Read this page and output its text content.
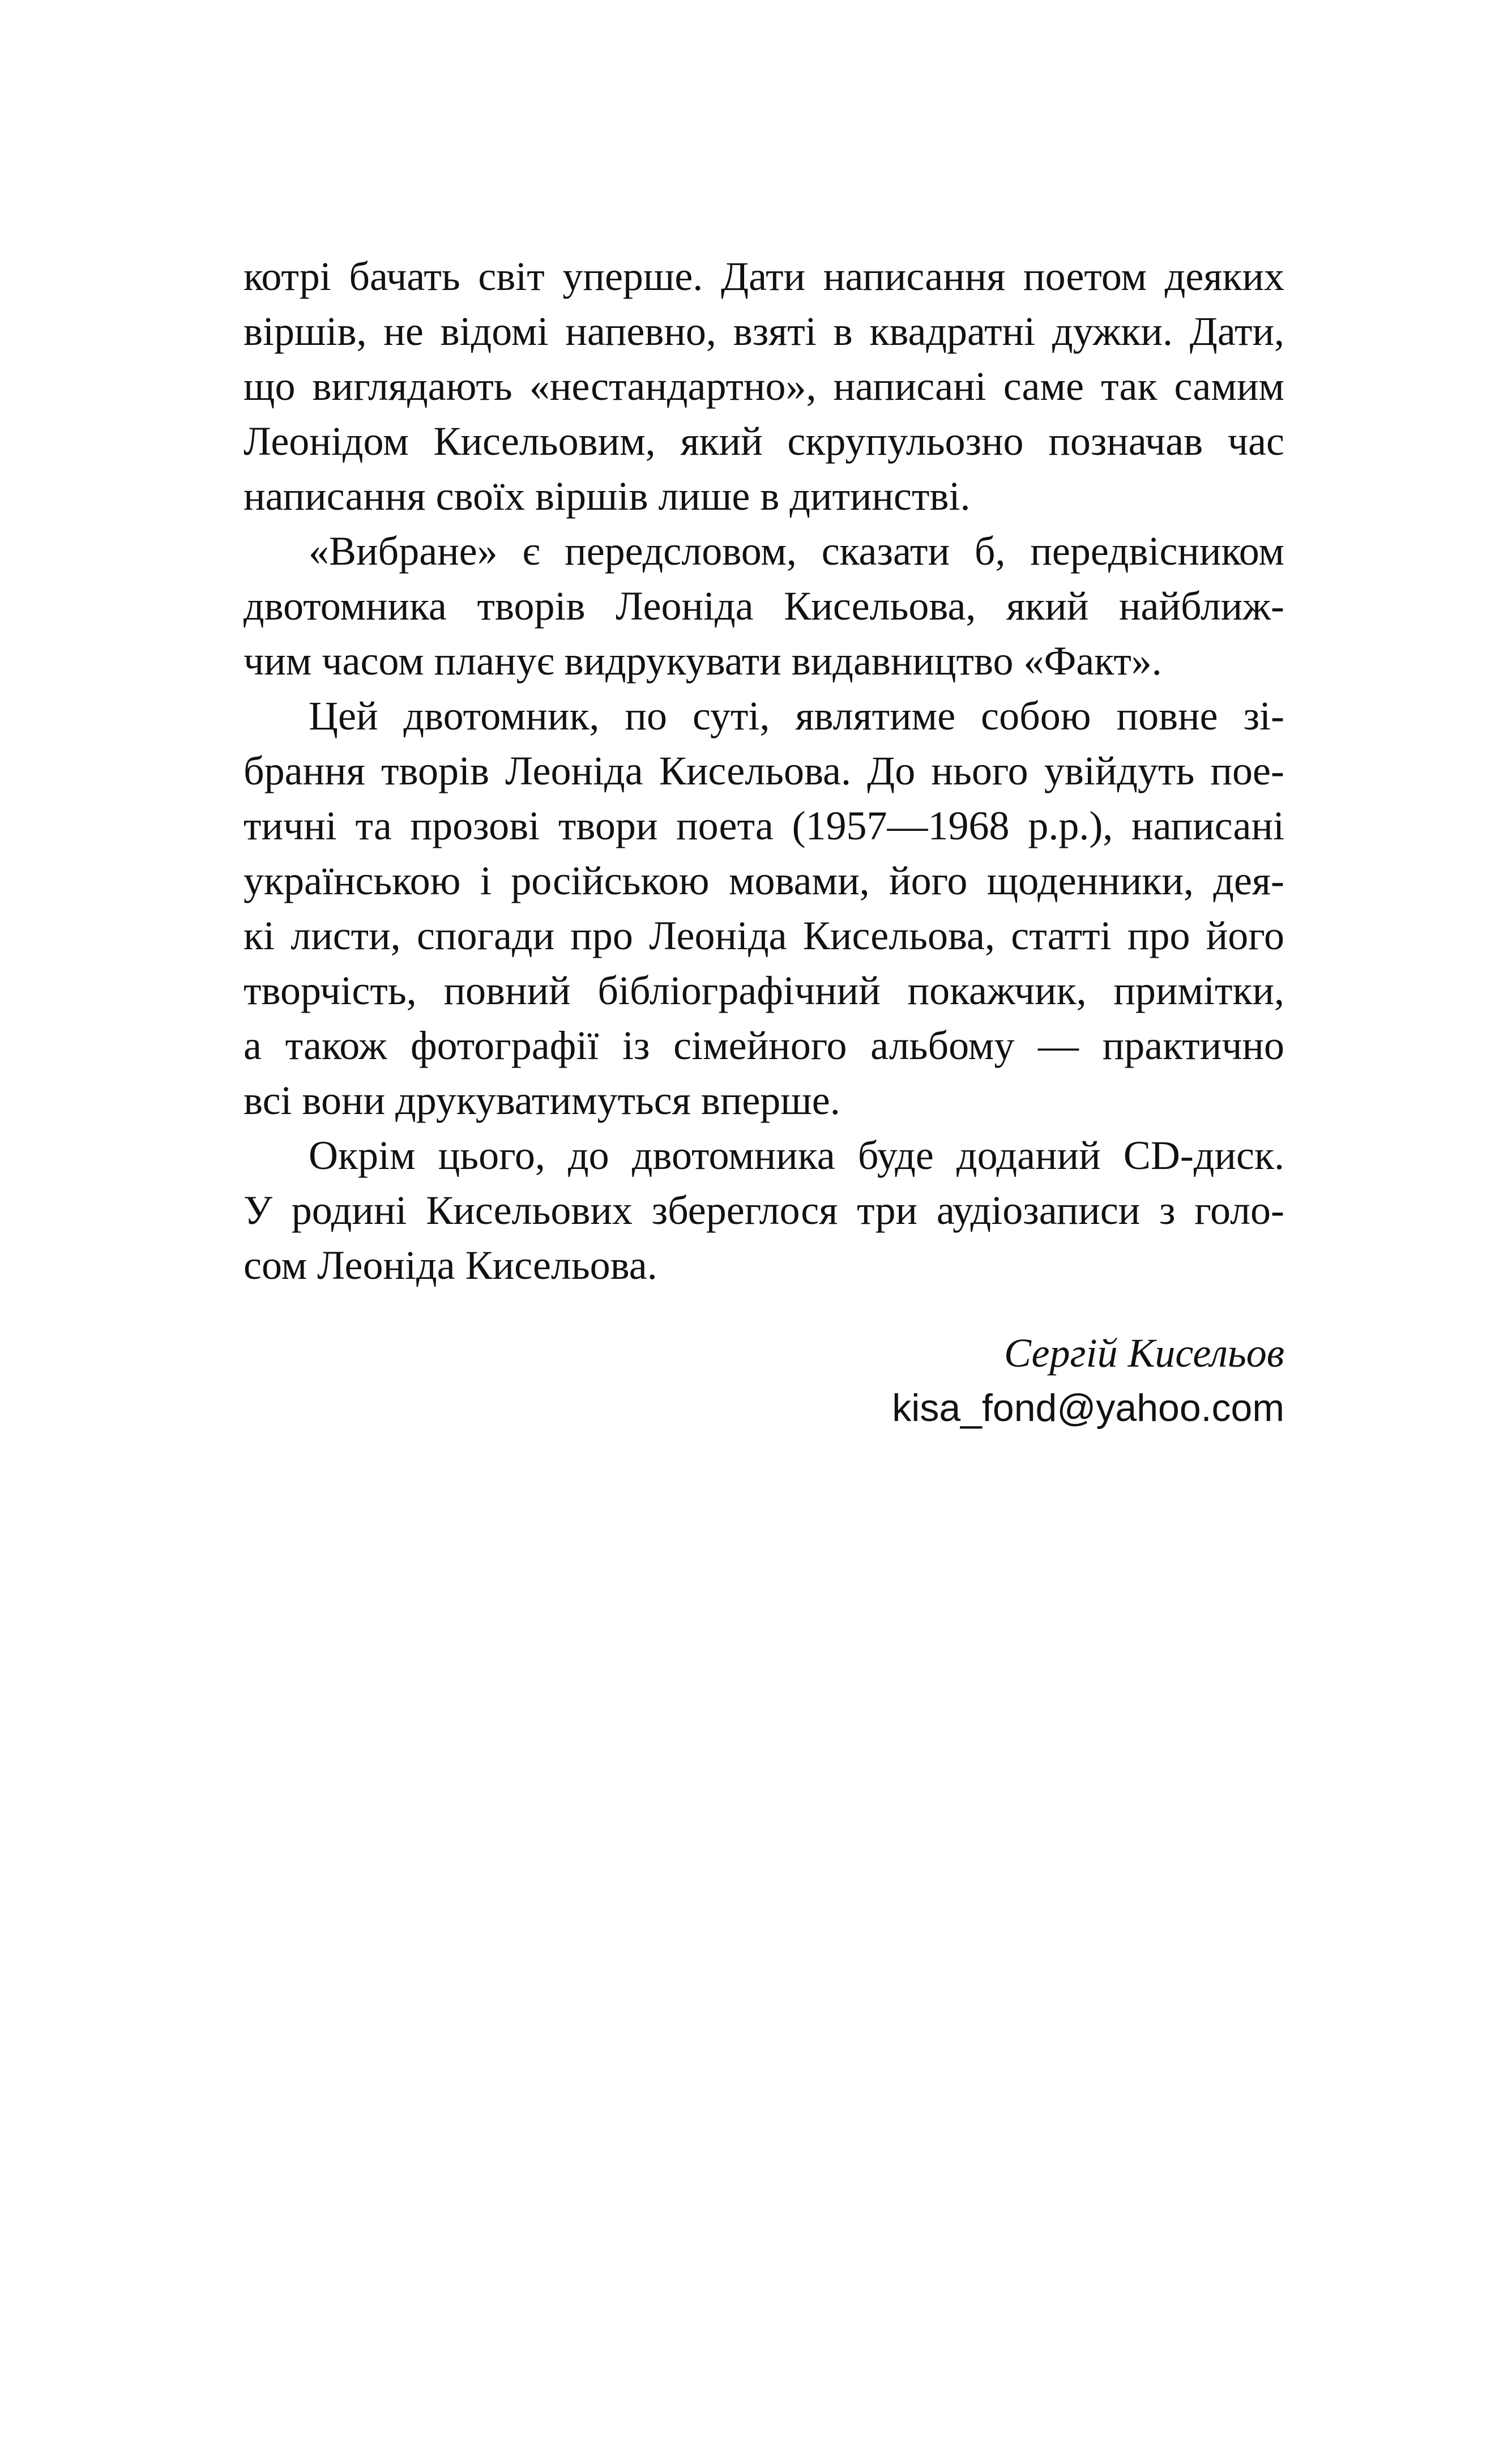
котрі бачать світ уперше. Дати написання поетом деяких
віршів, не відомі напевно, взяті в квадратні дужки. Дати,
що виглядають «нестандартно», написані саме так самим
Леонідом Кисельовим, який скрупульозно позначав час
написання своїх віршів лише в дитинстві.
«Вибране» є передсловом, сказати б, передвісником
двотомника творів Леоніда Кисельова, який найближ-
чим часом планує видрукувати видавництво «Факт».
Цей двотомник, по суті, являтиме собою повне зі-
брання творів Леоніда Кисельова. До нього увійдуть поe-
тичні та прозові твори поета (1957—1968 р.р.), написані
українською і російською мовами, його щоденники, дея-
кі листи, спогади про Леоніда Кисельова, статті про його
творчість, повний бібліографічний покажчик, примітки,
а також фотографії із сімейного альбому — практично
всі вони друкуватимуться вперше.
Окрім цього, до двотомника буде доданий CD-диск.
У родині Кисельових збереглося три аудіозаписи з голо-
сом Леоніда Кисельова.
Сергій Кисельов
kisa_fond@yahoo.com
